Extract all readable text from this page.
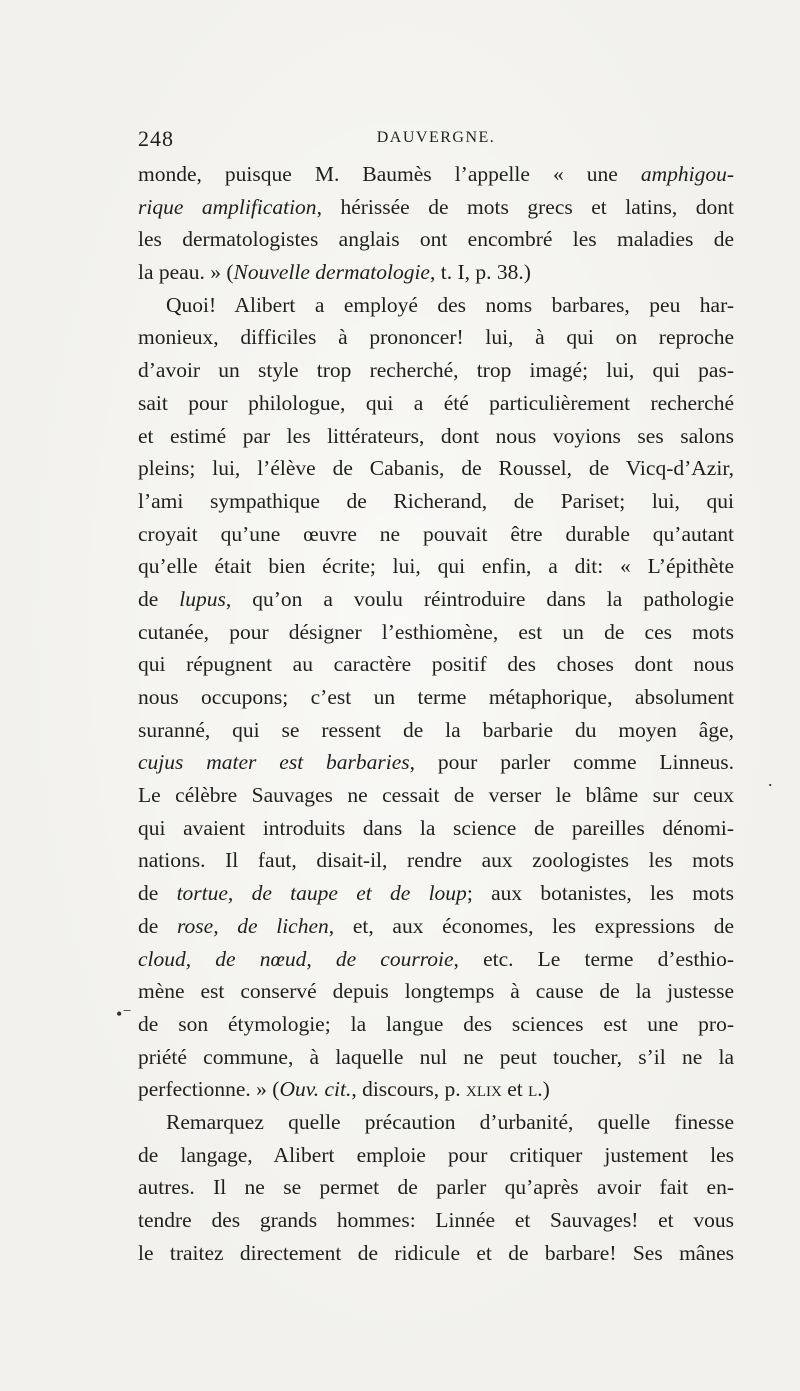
248	DAUVERGNE.
monde, puisque M. Baumès l’appelle « une amphigou-
rique amplification, hérissée de mots grecs et latins, dont
les dermatologistes anglais ont encombré les maladies de
la peau. » (Nouvelle dermatologie, t. I, p. 38.)
Quoi! Alibert a employé des noms barbares, peu har-
monieux, difficiles à prononcer! lui, à qui on reproche
d’avoir un style trop recherché, trop imagé; lui, qui pas-
sait pour philologue, qui a été particulièrement recherché
et estimé par les littérateurs, dont nous voyions ses salons
pleins; lui, l’élève de Cabanis, de Roussel, de Vicq-d’Azir,
l’ami sympathique de Richerand, de Pariset; lui, qui
croyait qu’une œuvre ne pouvait être durable qu’autant
qu’elle était bien écrite; lui, qui enfin, a dit: « L’épithète
de lupus, qu’on a voulu réintroduire dans la pathologie
cutanée, pour désigner l’esthiomène, est un de ces mots
qui répugnent au caractère positif des choses dont nous
nous occupons; c’est un terme métaphorique, absolument
suranné, qui se ressent de la barbarie du moyen âge,
cujus mater est barbaries, pour parler comme Linneus.
Le célèbre Sauvages ne cessait de verser le blâme sur ceux
qui avaient introduits dans la science de pareilles dénomi-
nations. Il faut, disait-il, rendre aux zoologistes les mots
de tortue, de taupe et de loup; aux botanistes, les mots
de rose, de lichen, et, aux économes, les expressions de
cloud, de nœud, de courroie, etc. Le terme d’esthio-
mène est conservé depuis longtemps à cause de la justesse
de son étymologie; la langue des sciences est une pro-
priété commune, à laquelle nul ne peut toucher, s’il ne la
perfectionne. » (Ouv. cit., discours, p. xlix et l.)
Remarquez quelle précaution d’urbanité, quelle finesse
de langage, Alibert emploie pour critiquer justement les
autres. Il ne se permet de parler qu’après avoir fait en-
tendre des grands hommes: Linnée et Sauvages! et vous
le traitez directement de ridicule et de barbare! Ses mânes
.
•⁻
